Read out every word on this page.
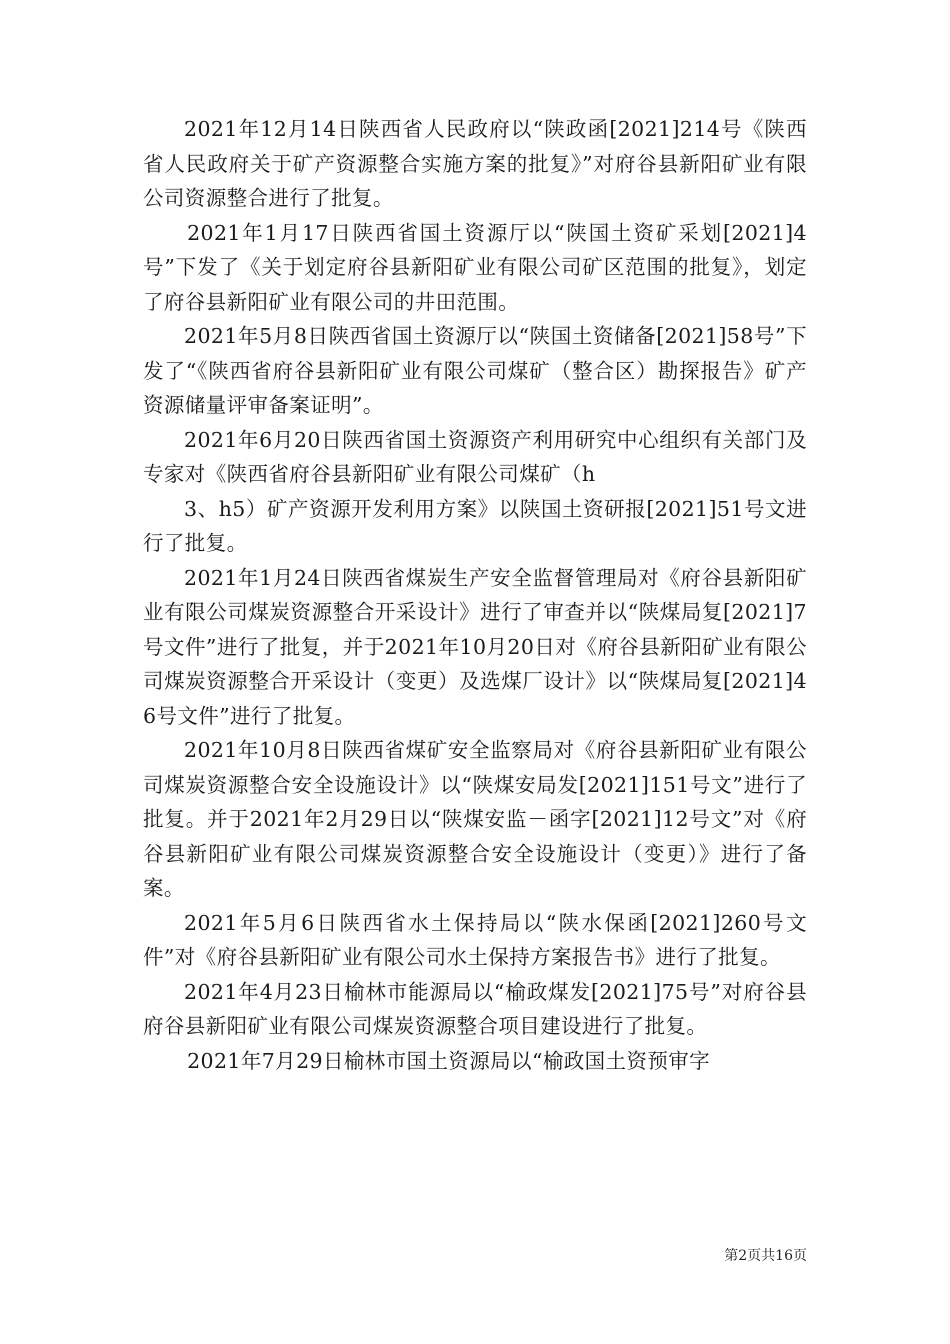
2021年12月14日陕西省人民政府以“陕政函[2021]214号《陕西省人民政府关于矿产资源整合实施方案的批复》”对府谷县新阳矿业有限公司资源整合进行了批复。

2021年1月17日陕西省国土资源厅以“陕国土资矿采划[2021]4号”下发了《关于划定府谷县新阳矿业有限公司矿区范围的批复》，划定了府谷县新阳矿业有限公司的井田范围。

2021年5月8日陕西省国土资源厅以“陕国土资储备[2021]58号”下发了“《陕西省府谷县新阳矿业有限公司煤矿（整合区）勘探报告》矿产资源储量评审备案证明”。

2021年6月20日陕西省国土资源资产利用研究中心组织有关部门及专家对《陕西省府谷县新阳矿业有限公司煤矿（h

3、h5）矿产资源开发利用方案》以陕国土资研报[2021]51号文进行了批复。

2021年1月24日陕西省煤炭生产安全监督管理局对《府谷县新阳矿业有限公司煤炭资源整合开采设计》进行了审查并以“陕煤局复[2021]7号文件”进行了批复，并于2021年10月20日对《府谷县新阳矿业有限公司煤炭资源整合开采设计（变更）及选煤厂设计》以“陕煤局复[2021]46号文件”进行了批复。

2021年10月8日陕西省煤矿安全监察局对《府谷县新阳矿业有限公司煤炭资源整合安全设施设计》以“陕煤安局发[2021]151号文”进行了批复。并于2021年2月29日以“陕煤安监－函字[2021]12号文”对《府谷县新阳矿业有限公司煤炭资源整合安全设施设计（变更）》进行了备案。

2021年5月6日陕西省水土保持局以“陕水保函[2021]260号文件”对《府谷县新阳矿业有限公司水土保持方案报告书》进行了批复。

2021年4月23日榆林市能源局以“榆政煤发[2021]75号”对府谷县府谷县新阳矿业有限公司煤炭资源整合项目建设进行了批复。

2021年7月29日榆林市国土资源局以“榆政国土资预审字

第2页共16页
